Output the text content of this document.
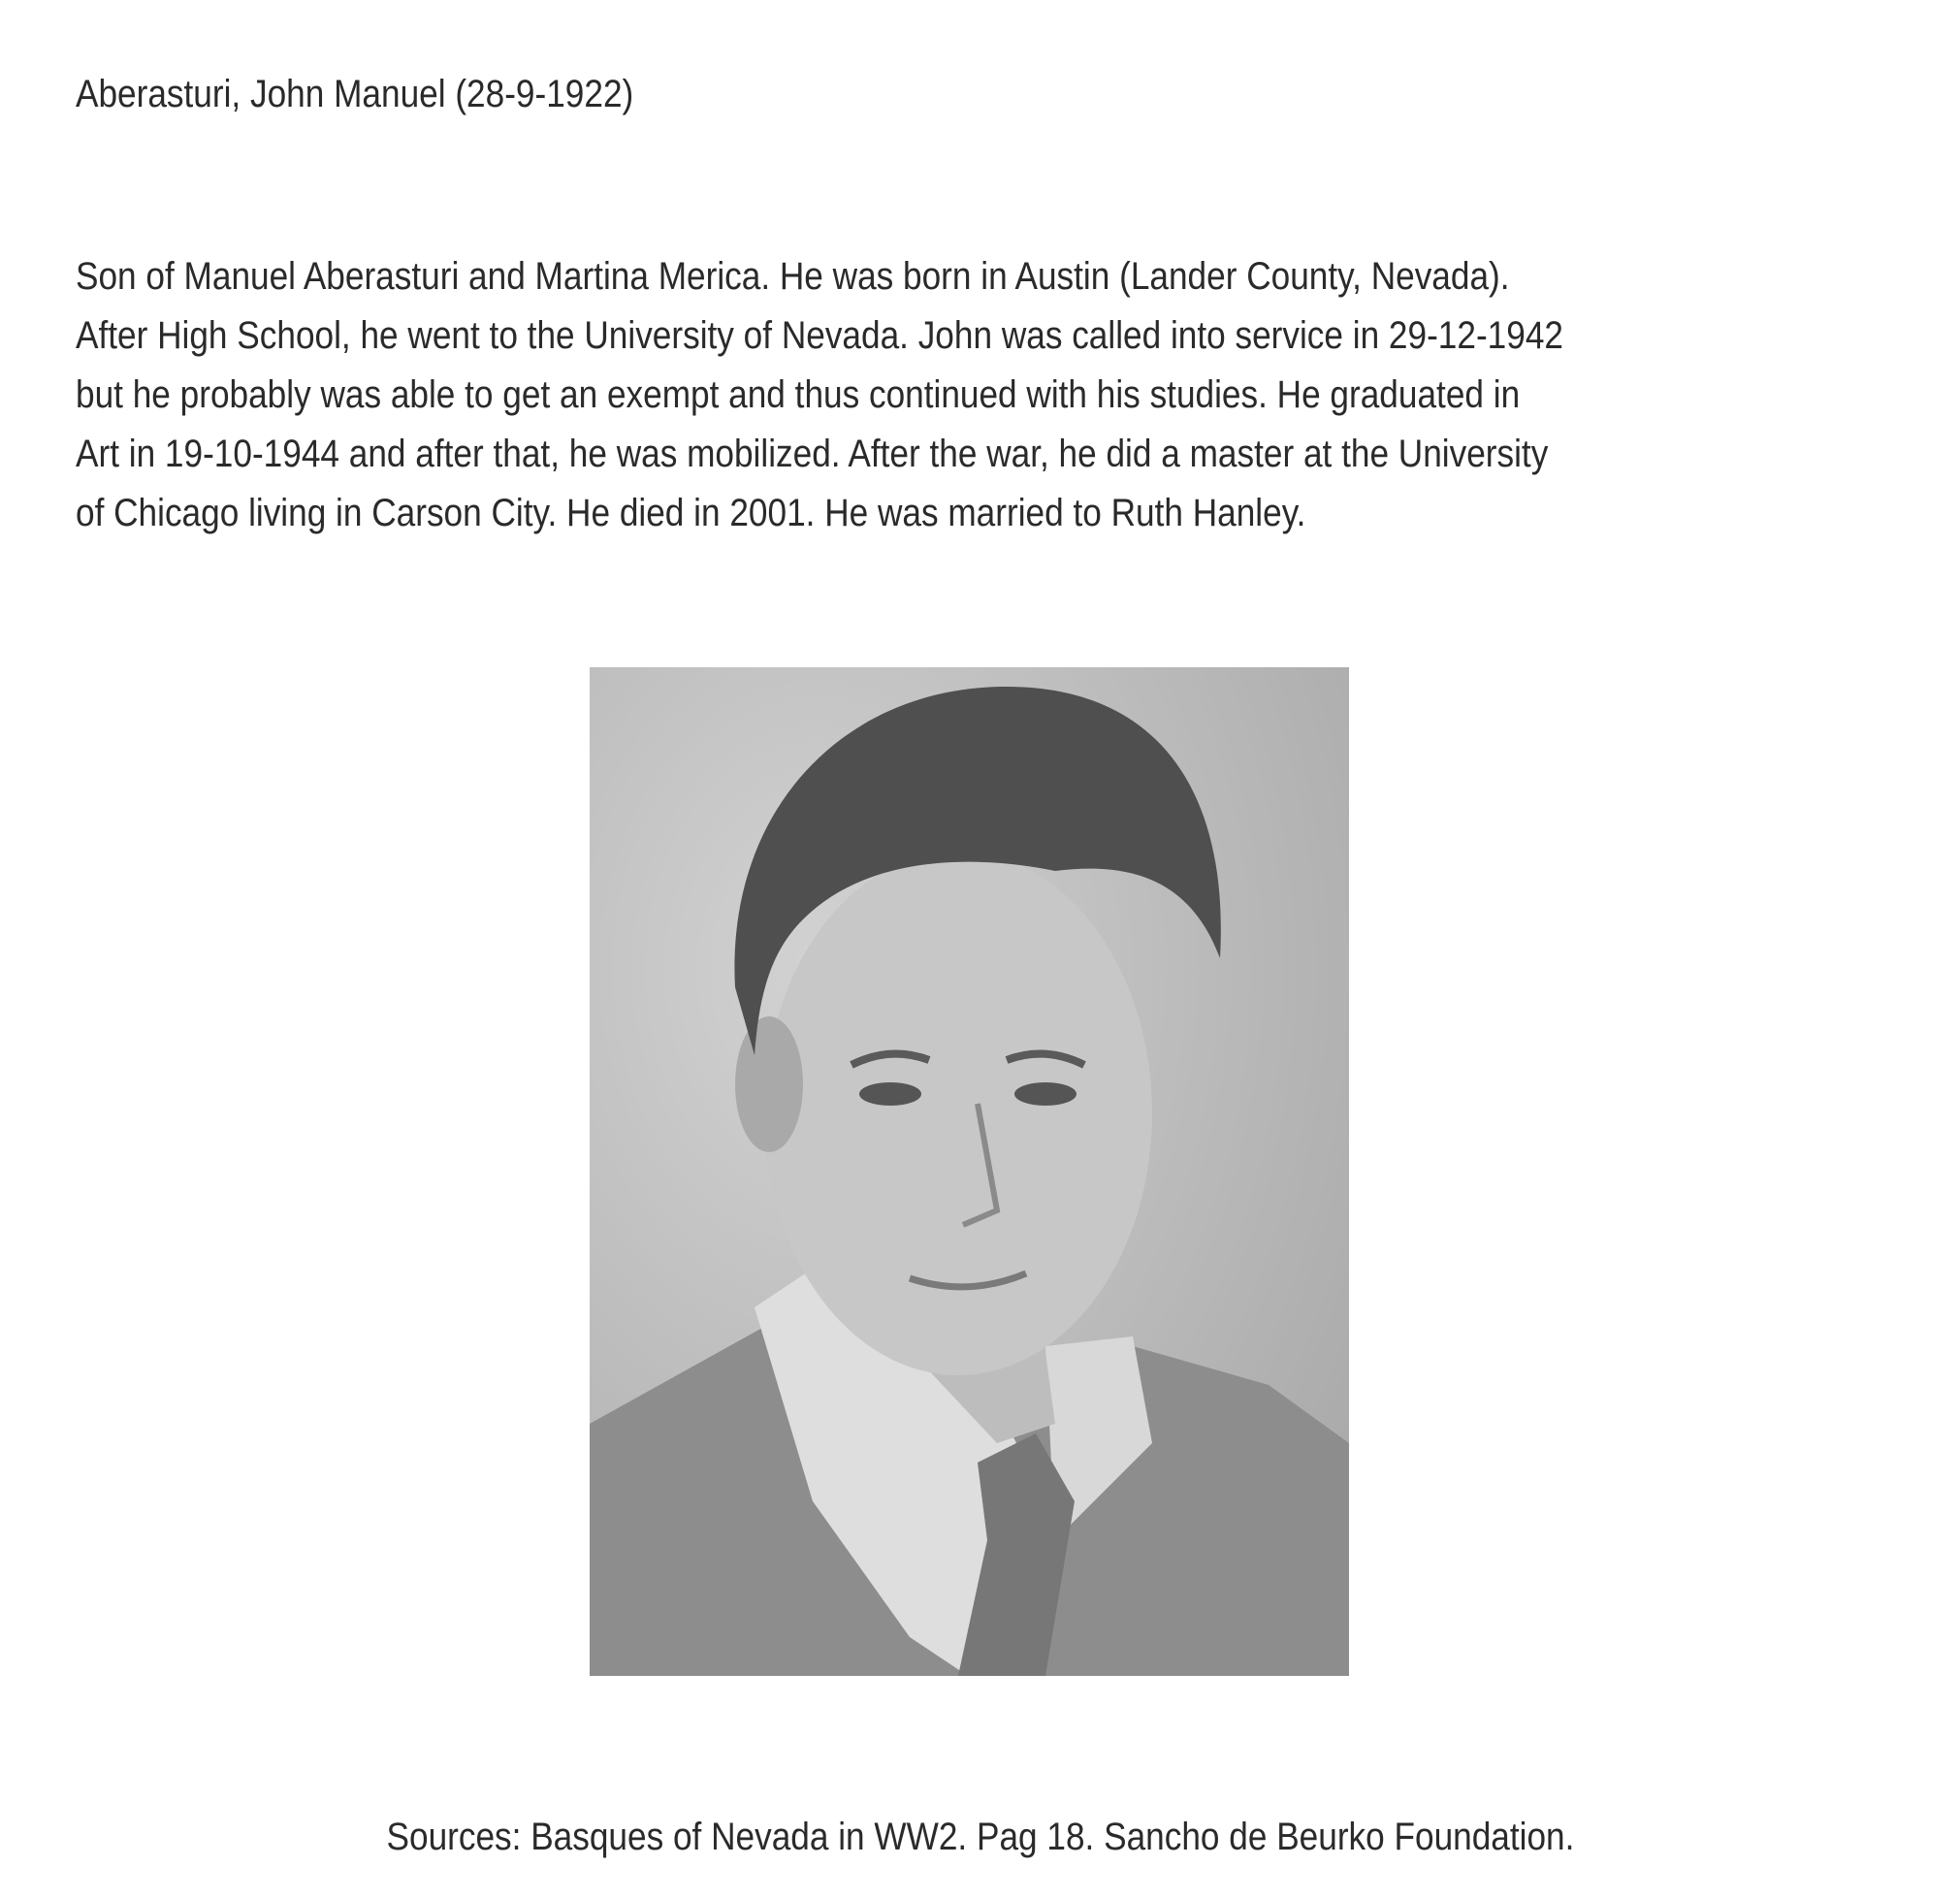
Aberasturi, John Manuel (28-9-1922)
Son of Manuel Aberasturi and Martina Merica. He was born in Austin (Lander County, Nevada).
After High School, he went to the University of Nevada. John was called into service in 29-12-1942
but he probably was able to get an exempt and thus continued with his studies. He graduated in
Art in 19-10-1944 and after that, he was mobilized. After the war, he did a master at the University
of Chicago living in Carson City. He died in 2001. He was married to Ruth Hanley.
Sources: Basques of Nevada in WW2. Pag 18. Sancho de Beurko Foundation.
